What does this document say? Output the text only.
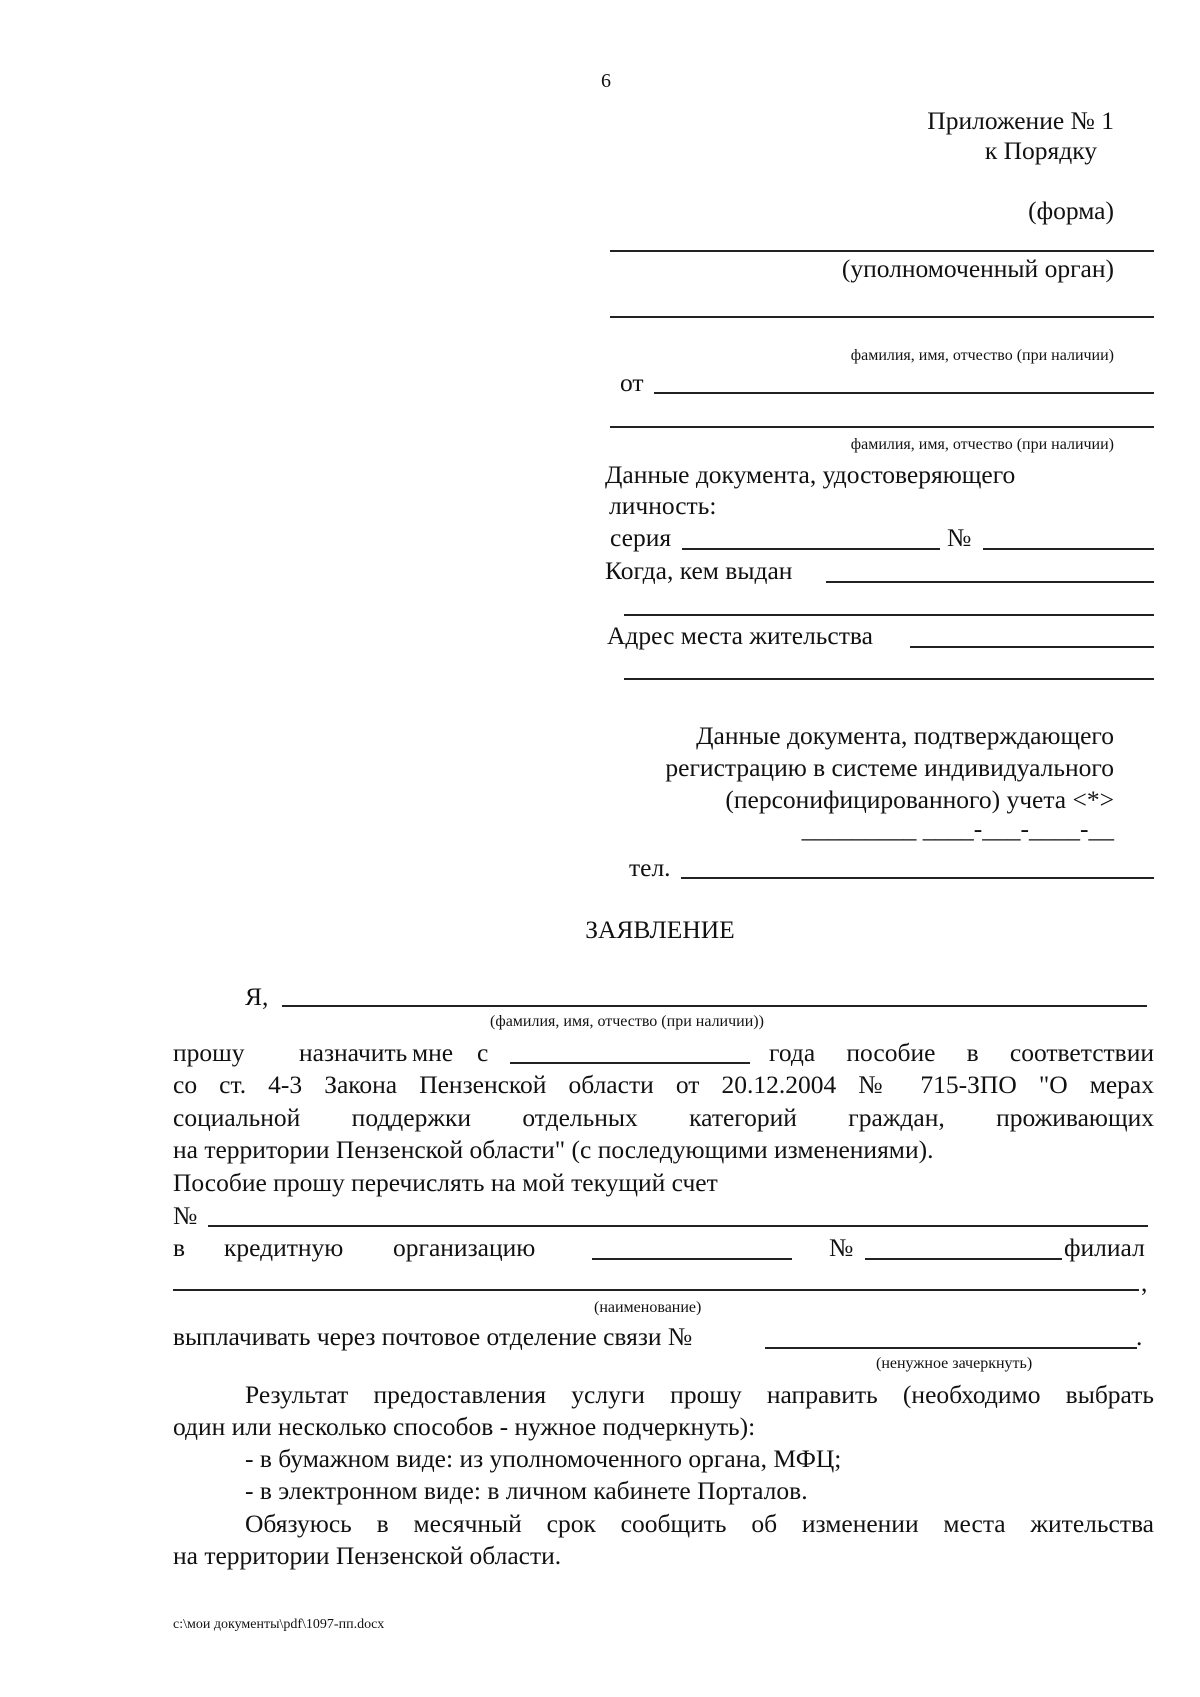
6
Приложение № 1
к Порядку
(форма)
(уполномоченный орган)
фамилия, имя, отчество (при наличии)
от
фамилия, имя, отчество (при наличии)
Данные документа, удостоверяющего
личность:
серия	№
Когда, кем выдан
Адрес места жительства
Данные документа, подтверждающего
регистрацию в системе индивидуального
(персонифицированного) учета <*>
_________ ____-___-____-__
тел.
ЗАЯВЛЕНИЕ
Я,
(фамилия, имя, отчество (при наличии))
прошу назначить мне с	года пособие в соответствии
со ст. 4-3 Закона Пензенской области от 20.12.2004 № 715-ЗПО "О мерах
социальной поддержки отдельных категорий граждан, проживающих
на территории Пензенской области" (с последующими изменениями).
Пособие прошу перечислять на мой текущий счет
№
в кредитную организацию	№	филиал
,
(наименование)
выплачивать через почтовое отделение связи №	.
(ненужное зачеркнуть)
Результат предоставления услуги прошу направить (необходимо выбрать
один или несколько способов - нужное подчеркнуть):
- в бумажном виде: из уполномоченного органа, МФЦ;
- в электронном виде: в личном кабинете Порталов.
Обязуюсь в месячный срок сообщить об изменении места жительства
на территории Пензенской области.
c:\мои документы\pdf\1097-пп.docx
